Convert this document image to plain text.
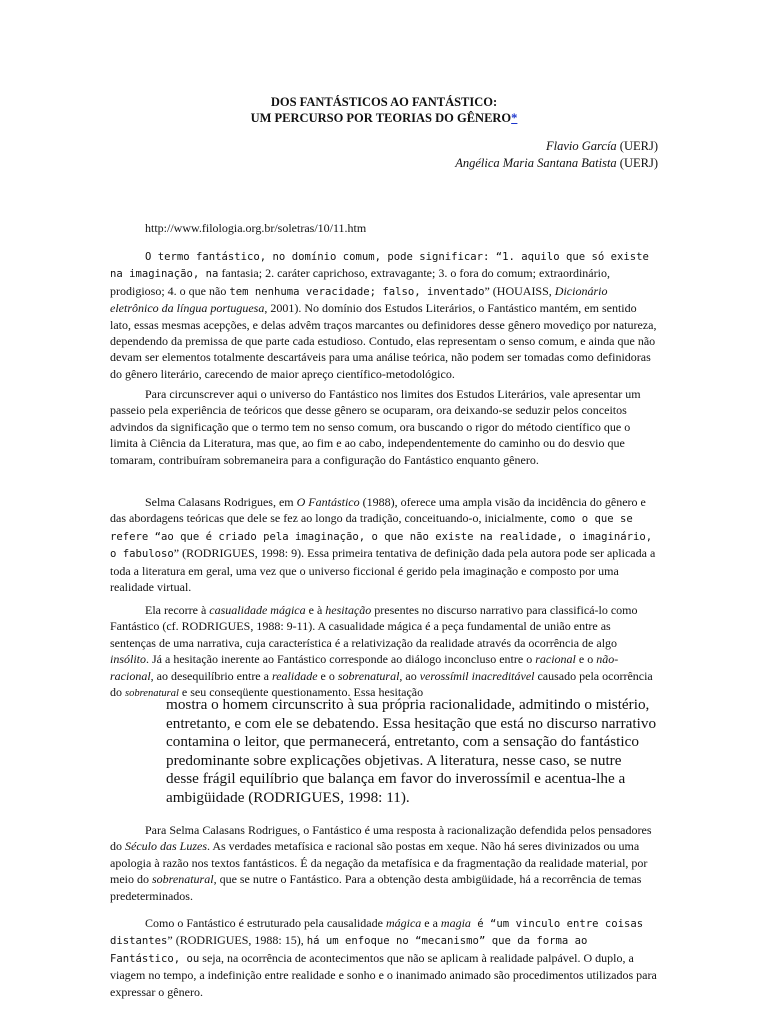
DOS FANTÁSTICOS AO FANTÁSTICO:
UM PERCURSO POR TEORIAS DO GÊNERO*
Flavio García (UERJ)
Angélica Maria Santana Batista (UERJ)
http://www.filologia.org.br/soletras/10/11.htm

O termo fantástico, no domínio comum, pode significar: “1. aquilo que só existe na imaginação, na fantasia; 2. caráter caprichoso, extravagante; 3. o fora do comum; extraordinário, prodigioso; 4. o que não tem nenhuma veracidade; falso, inventado” (HOUAISS, Dicionário eletrônico da língua portuguesa, 2001). No domínio dos Estudos Literários, o Fantástico mantém, em sentido lato, essas mesmas acepções, e delas advêm traços marcantes ou definidores desse gênero movediço por natureza, dependendo da premissa de que parte cada estudioso. Contudo, elas representam o senso comum, e ainda que não devam ser elementos totalmente descartáveis para uma análise teórica, não podem ser tomadas como definidoras do gênero literário, carecendo de maior apreço científico-metodológico.

Para circunscrever aqui o universo do Fantástico nos limites dos Estudos Literários, vale apresentar um passeio pela experiência de teóricos que desse gênero se ocuparam, ora deixando-se seduzir pelos conceitos advindos da significação que o termo tem no senso comum, ora buscando o rigor do método científico que o limita à Ciência da Literatura, mas que, ao fim e ao cabo, independentemente do caminho ou do desvio que tomaram, contribuíram sobremaneira para a configuração do Fantástico enquanto gênero.

Selma Calasans Rodrigues, em O Fantástico (1988), oferece uma ampla visão da incidência do gênero e das abordagens teóricas que dele se fez ao longo da tradição, conceituando-o, inicialmente, como o que se refere “ao que é criado pela imaginação, o que não existe na realidade, o imaginário, o fabuloso” (RODRIGUES, 1998: 9). Essa primeira tentativa de definição dada pela autora pode ser aplicada a toda a literatura em geral, uma vez que o universo ficcional é gerido pela imaginação e composto por uma realidade virtual.

Ela recorre à casualidade mágica e à hesitação presentes no discurso narrativo para classificá-lo como Fantástico (cf. RODRIGUES, 1988: 9-11). A casualidade mágica é a peça fundamental de união entre as sentenças de uma narrativa, cuja característica é a relativização da realidade através da ocorrência de algo insólito. Já a hesitação inerente ao Fantástico corresponde ao diálogo inconcluso entre o racional e o não-racional, ao desequilíbrio entre a realidade e o sobrenatural, ao verossímil inacreditável causado pela ocorrência do sobrenatural e seu conseqüente questionamento. Essa hesitação

mostra o homem circunscrito à sua própria racionalidade, admitindo o mistério, entretanto, e com ele se debatendo. Essa hesitação que está no discurso narrativo contamina o leitor, que permanecerá, entretanto, com a sensação do fantástico predominante sobre explicações objetivas. A literatura, nesse caso, se nutre desse frágil equilíbrio que balança em favor do inverossímil e acentua-lhe a ambigüidade (RODRIGUES, 1998: 11).

Para Selma Calasans Rodrigues, o Fantástico é uma resposta à racionalização defendida pelos pensadores do Século das Luzes. As verdades metafísica e racional são postas em xeque. Não há seres divinizados ou uma apologia à razão nos textos fantásticos. É da negação da metafísica e da fragmentação da realidade material, por meio do sobrenatural, que se nutre o Fantástico. Para a obtenção desta ambigüidade, há a recorrência de temas predeterminados.

Como o Fantástico é estruturado pela causalidade mágica e a magia é “um vinculo entre coisas distantes” (RODRIGUES, 1988: 15), há um enfoque no “mecanismo” que da forma ao Fantástico, ou seja, na ocorrência de acontecimentos que não se aplicam à realidade palpável. O duplo, a viagem no tempo, a indefinição entre realidade e sonho e o inanimado animado são procedimentos utilizados para expressar o gênero.
